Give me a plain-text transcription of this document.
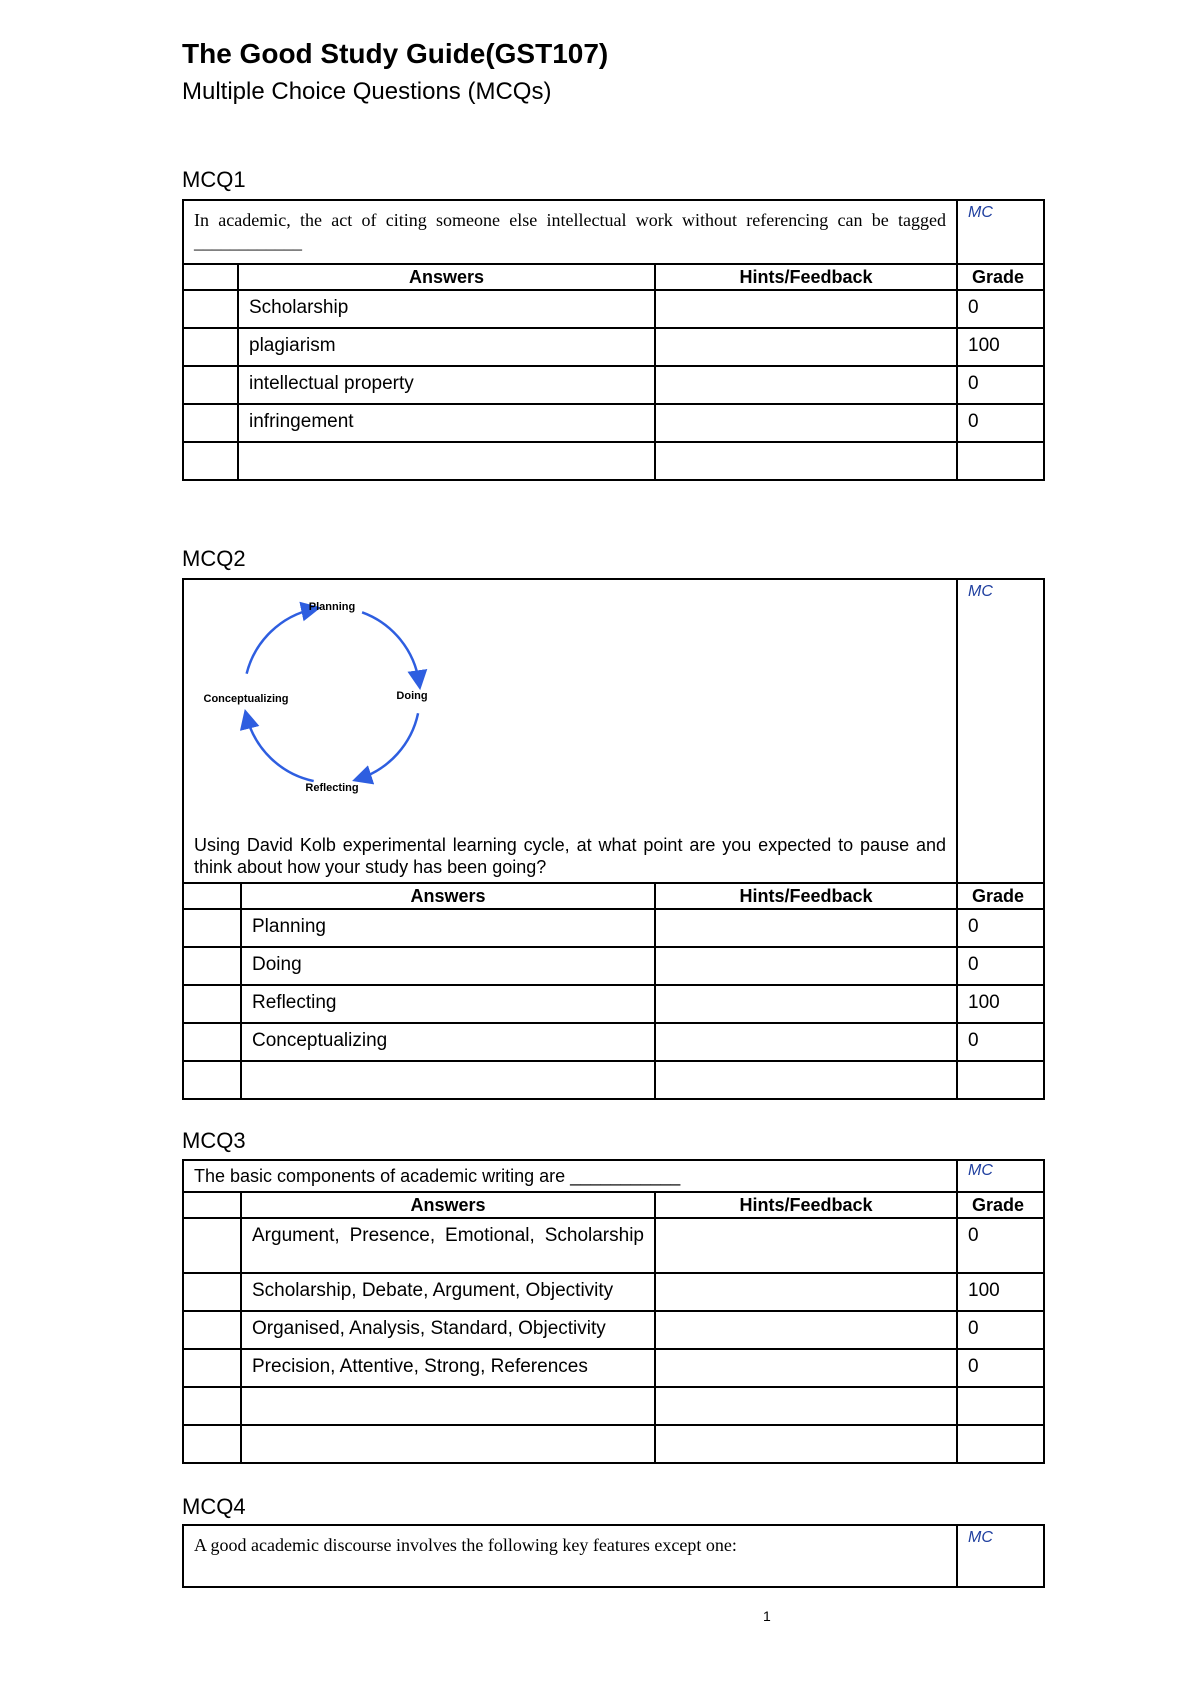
The Good Study Guide(GST107)
Multiple Choice Questions (MCQs)
MCQ1
In academic, the act of citing someone else intellectual work without referencing can be tagged ____________			MC

	Answers	Hints/Feedback	Grade
	Scholarship		0
	plagiarism		100
	intellectual property		0
	infringement		0

MCQ2
Planning
Doing
Reflecting
Conceptualizing
Using David Kolb experimental learning cycle, at what point are you expected to pause and think about how your study has been going?			MC

	Answers	Hints/Feedback	Grade
	Planning		0
	Doing		0
	Reflecting		100
	Conceptualizing		0

MCQ3
The basic components of academic writing are ___________			MC

	Answers	Hints/Feedback	Grade
	Argument, Presence, Emotional, Scholarship		0
	Scholarship, Debate, Argument, Objectivity		100
	Organised, Analysis, Standard, Objectivity		0
	Precision, Attentive, Strong, References		0

MCQ4
A good academic discourse involves the following key features except one:	MC
1
